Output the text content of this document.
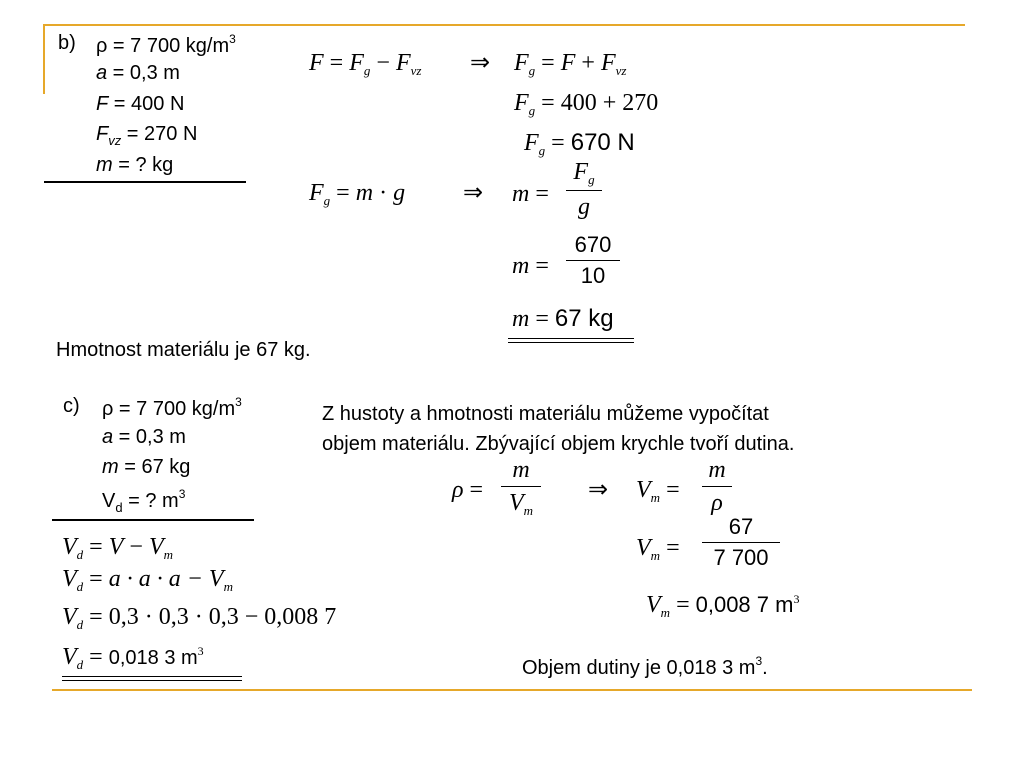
b) ρ = 7 700 $kg/m^3$
a = 0,3 m
F = 400 N
$F_{vz} = 270$ N
m = ? kg
$F = F_g - F_{vz}$ ⇒ $F_g = F + F_{vz}$
$F_g = 400 + 270$
$F_g = 670$ N
$F_g = m \cdot g$ ⇒ m =
$F_g$
g
m =
670
10
m = 67 kg
Hmotnost materiálu je 67 kg.
c) ρ = 7 700 $kg/m^3$
a = 0,3 m
m = 67 kg
$V_d$ = ? $m^3$
Z hustoty a hmotnosti materiálu můžeme vypočítat
objem materiálu. Zbývající objem krychle tvoří dutina.
ρ =
m
$V_m$
⇒ $V_m$ =
m
ρ
$V_m$ =
67
7 700
$V_m = 0,008$ 7 $m^3$
$V_d = V - V_m$
$V_d = a \cdot a \cdot a - V_m$
$V_d = 0,3 \cdot 0,3 \cdot 0,3 - 0,008$ 7
$V_d = 0,018$ 3 $m^3$
Objem dutiny je 0,018 3 $m^3$.
